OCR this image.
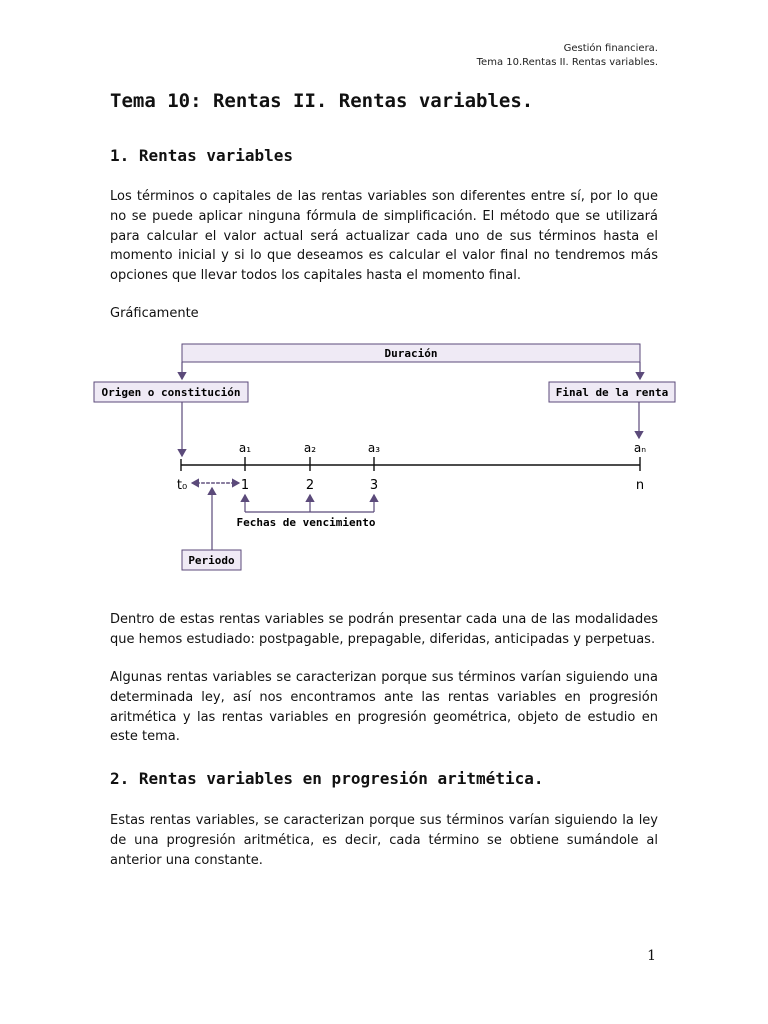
Gestión financiera.
Tema 10.Rentas II. Rentas variables.
Tema 10: Rentas II. Rentas variables.
1. Rentas variables
Los términos o capitales de las rentas variables son diferentes entre sí, por lo que no se puede aplicar ninguna fórmula de simplificación. El método que se utilizará para calcular el valor actual será actualizar cada uno de sus términos hasta el momento inicial y si lo que deseamos es calcular el valor final no tendremos más opciones que llevar todos los capitales hasta el momento final.
Gráficamente
Duración
Origen o constitución	Final de la renta
a₁	a₂	a₃	aₙ
t₀	1	2	3	n
Fechas de vencimiento
Periodo
Dentro de estas rentas variables se podrán presentar cada una de las modalidades que hemos estudiado: postpagable, prepagable, diferidas, anticipadas y perpetuas.
Algunas rentas variables se caracterizan porque sus términos varían siguiendo una determinada ley, así nos encontramos ante las rentas variables en progresión aritmética y las rentas variables en progresión geométrica, objeto de estudio en este tema.
2. Rentas variables en progresión aritmética.
Estas rentas variables, se caracterizan porque sus términos varían siguiendo la ley de una progresión aritmética, es decir, cada término se obtiene sumándole al anterior una constante.
1
